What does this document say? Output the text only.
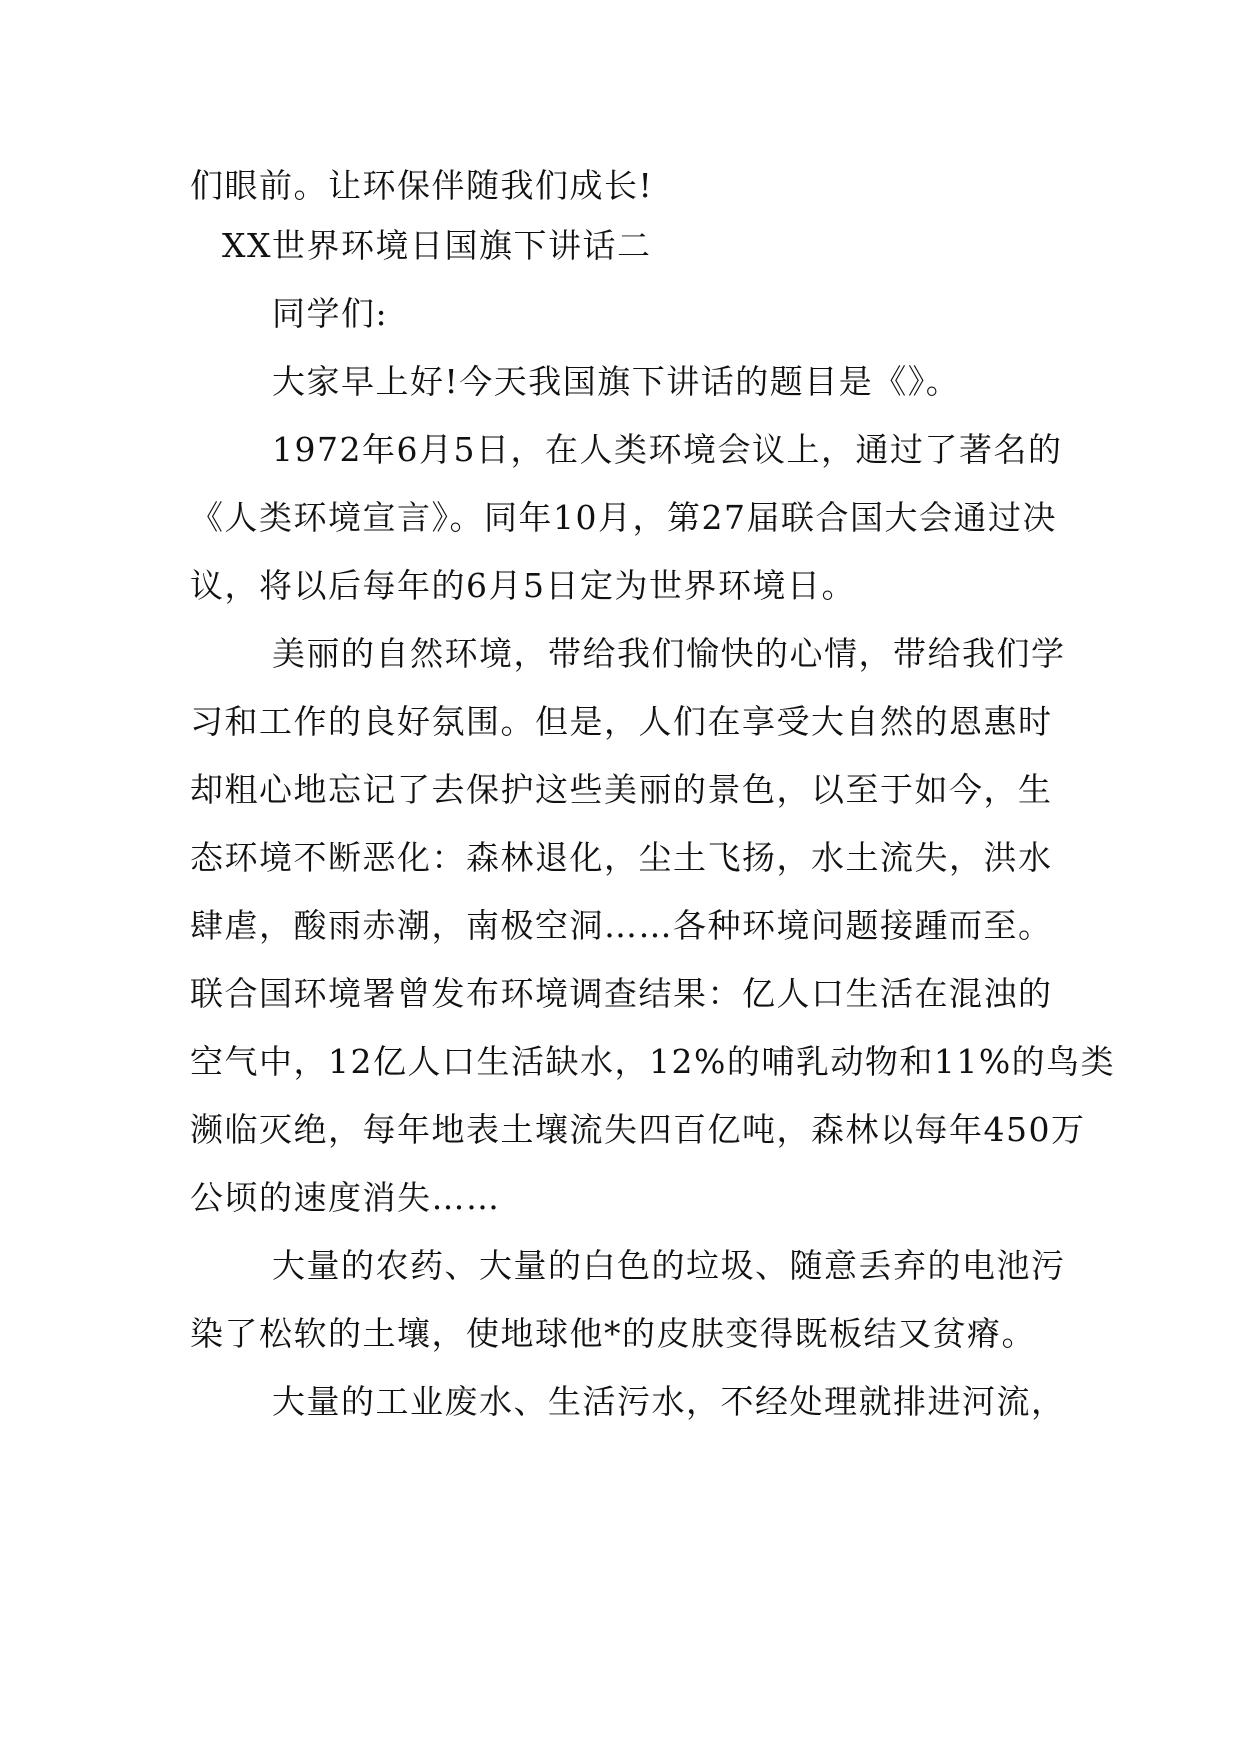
们眼前。让环保伴随我们成长!
XX世界环境日国旗下讲话二
同学们:
大家早上好!今天我国旗下讲话的题目是《》。
1972年6月5日，在人类环境会议上，通过了著名的
《人类环境宣言》。同年10月，第27届联合国大会通过决
议，将以后每年的6月5日定为世界环境日。
美丽的自然环境，带给我们愉快的心情，带给我们学
习和工作的良好氛围。但是，人们在享受大自然的恩惠时
却粗心地忘记了去保护这些美丽的景色，以至于如今，生
态环境不断恶化：森林退化，尘土飞扬，水土流失，洪水
肆虐，酸雨赤潮，南极空洞……各种环境问题接踵而至。
联合国环境署曾发布环境调查结果：亿人口生活在混浊的
空气中，12亿人口生活缺水，12%的哺乳动物和11%的鸟类
濒临灭绝，每年地表土壤流失四百亿吨，森林以每年450万
公顷的速度消失……
大量的农药、大量的白色的垃圾、随意丢弃的电池污
染了松软的土壤，使地球他*的皮肤变得既板结又贫瘠。
大量的工业废水、生活污水，不经处理就排进河流，
